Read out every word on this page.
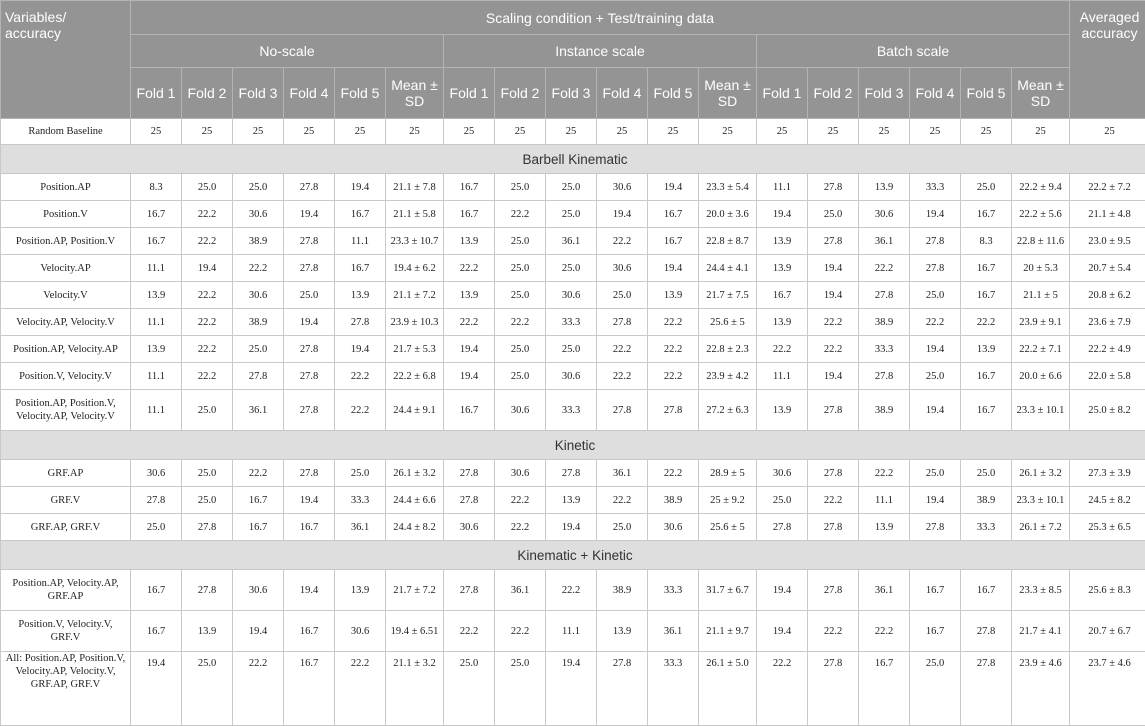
Variables/ accuracy	Scaling condition + Test/training data																		Averaged accuracy
	No-scale						Instance scale						Batch scale						
	Fold 1	Fold 2	Fold 3	Fold 4	Fold 5	Mean ± SD	Fold 1	Fold 2	Fold 3	Fold 4	Fold 5	Mean ± SD	Fold 1	Fold 2	Fold 3	Fold 4	Fold 5	Mean ± SD	
Random Baseline	25	25	25	25	25	25	25	25	25	25	25	25	25	25	25	25	25	25	25
Barbell Kinematic																			
Position.AP	8.3	25.0	25.0	27.8	19.4	21.1 ± 7.8	16.7	25.0	25.0	30.6	19.4	23.3 ± 5.4	11.1	27.8	13.9	33.3	25.0	22.2 ± 9.4	22.2 ± 7.2
Position.V	16.7	22.2	30.6	19.4	16.7	21.1 ± 5.8	16.7	22.2	25.0	19.4	16.7	20.0 ± 3.6	19.4	25.0	30.6	19.4	16.7	22.2 ± 5.6	21.1 ± 4.8
Position.AP, Position.V	16.7	22.2	38.9	27.8	11.1	23.3 ± 10.7	13.9	25.0	36.1	22.2	16.7	22.8 ± 8.7	13.9	27.8	36.1	27.8	8.3	22.8 ± 11.6	23.0 ± 9.5
Velocity.AP	11.1	19.4	22.2	27.8	16.7	19.4 ± 6.2	22.2	25.0	25.0	30.6	19.4	24.4 ± 4.1	13.9	19.4	22.2	27.8	16.7	20 ± 5.3	20.7 ± 5.4
Velocity.V	13.9	22.2	30.6	25.0	13.9	21.1 ± 7.2	13.9	25.0	30.6	25.0	13.9	21.7 ± 7.5	16.7	19.4	27.8	25.0	16.7	21.1 ± 5	20.8 ± 6.2
Velocity.AP, Velocity.V	11.1	22.2	38.9	19.4	27.8	23.9 ± 10.3	22.2	22.2	33.3	27.8	22.2	25.6 ± 5	13.9	22.2	38.9	22.2	22.2	23.9 ± 9.1	23.6 ± 7.9
Position.AP, Velocity.AP	13.9	22.2	25.0	27.8	19.4	21.7 ± 5.3	19.4	25.0	25.0	22.2	22.2	22.8 ± 2.3	22.2	22.2	33.3	19.4	13.9	22.2 ± 7.1	22.2 ± 4.9
Position.V, Velocity.V	11.1	22.2	27.8	27.8	22.2	22.2 ± 6.8	19.4	25.0	30.6	22.2	22.2	23.9 ± 4.2	11.1	19.4	27.8	25.0	16.7	20.0 ± 6.6	22.0 ± 5.8
Position.AP, Position.V, Velocity.AP, Velocity.V	11.1	25.0	36.1	27.8	22.2	24.4 ± 9.1	16.7	30.6	33.3	27.8	27.8	27.2 ± 6.3	13.9	27.8	38.9	19.4	16.7	23.3 ± 10.1	25.0 ± 8.2
Kinetic																			
GRF.AP	30.6	25.0	22.2	27.8	25.0	26.1 ± 3.2	27.8	30.6	27.8	36.1	22.2	28.9 ± 5	30.6	27.8	22.2	25.0	25.0	26.1 ± 3.2	27.3 ± 3.9
GRF.V	27.8	25.0	16.7	19.4	33.3	24.4 ± 6.6	27.8	22.2	13.9	22.2	38.9	25 ± 9.2	25.0	22.2	11.1	19.4	38.9	23.3 ± 10.1	24.5 ± 8.2
GRF.AP, GRF.V	25.0	27.8	16.7	16.7	36.1	24.4 ± 8.2	30.6	22.2	19.4	25.0	30.6	25.6 ± 5	27.8	27.8	13.9	27.8	33.3	26.1 ± 7.2	25.3 ± 6.5
Kinematic + Kinetic																			
Position.AP, Velocity.AP, GRF.AP	16.7	27.8	30.6	19.4	13.9	21.7 ± 7.2	27.8	36.1	22.2	38.9	33.3	31.7 ± 6.7	19.4	27.8	36.1	16.7	16.7	23.3 ± 8.5	25.6 ± 8.3
Position.V, Velocity.V, GRF.V	16.7	13.9	19.4	16.7	30.6	19.4 ± 6.51	22.2	22.2	11.1	13.9	36.1	21.1 ± 9.7	19.4	22.2	22.2	16.7	27.8	21.7 ± 4.1	20.7 ± 6.7
All: Position.AP, Position.V, Velocity.AP, Velocity.V, GRF.AP, GRF.V	19.4	25.0	22.2	16.7	22.2	21.1 ± 3.2	25.0	25.0	19.4	27.8	33.3	26.1 ± 5.0	22.2	27.8	16.7	25.0	27.8	23.9 ± 4.6	23.7 ± 4.6
